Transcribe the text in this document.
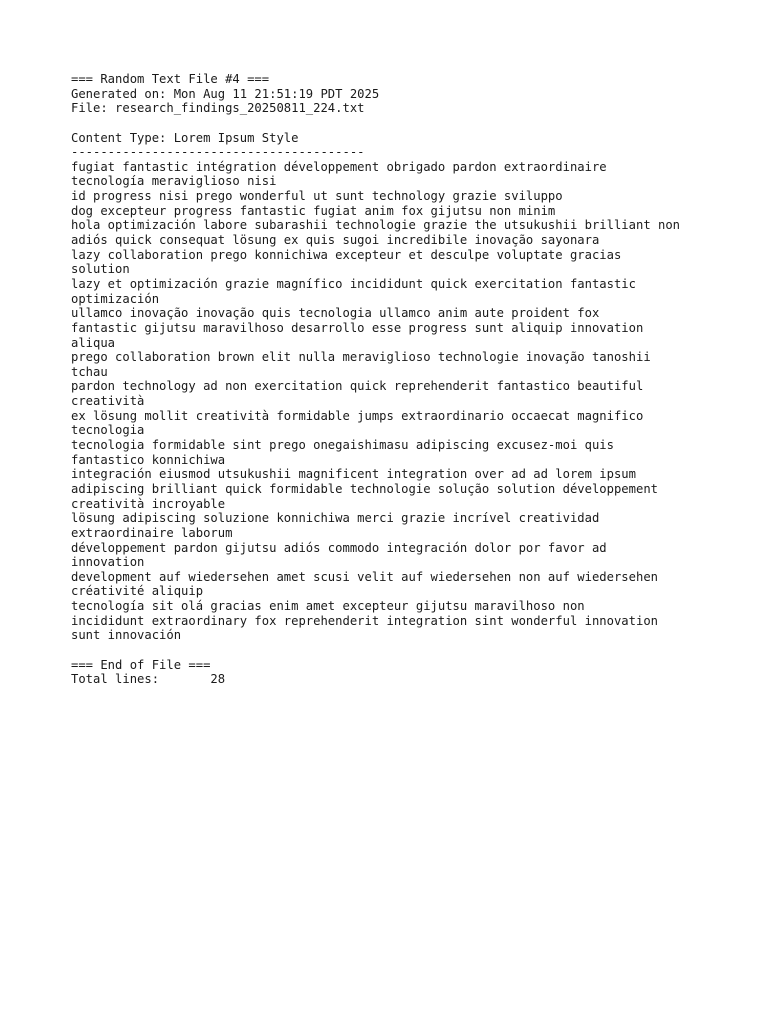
=== Random Text File #4 ===
Generated on: Mon Aug 11 21:51:19 PDT 2025
File: research_findings_20250811_224.txt
Content Type: Lorem Ipsum Style
----------------------------------------
fugiat fantastic intégration développement obrigado pardon extraordinaire
tecnología meraviglioso nisi
id progress nisi prego wonderful ut sunt technology grazie sviluppo
dog excepteur progress fantastic fugiat anim fox gijutsu non minim
hola optimización labore subarashii technologie grazie the utsukushii brilliant non
adiós quick consequat lösung ex quis sugoi incredibile inovação sayonara
lazy collaboration prego konnichiwa excepteur et desculpe voluptate gracias
solution
lazy et optimización grazie magnífico incididunt quick exercitation fantastic
optimización
ullamco inovação inovação quis tecnologia ullamco anim aute proident fox
fantastic gijutsu maravilhoso desarrollo esse progress sunt aliquip innovation
aliqua
prego collaboration brown elit nulla meraviglioso technologie inovação tanoshii
tchau
pardon technology ad non exercitation quick reprehenderit fantastico beautiful
creatività
ex lösung mollit creatività formidable jumps extraordinario occaecat magnifico
tecnologia
tecnologia formidable sint prego onegaishimasu adipiscing excusez-moi quis
fantastico konnichiwa
integración eiusmod utsukushii magnificent integration over ad ad lorem ipsum
adipiscing brilliant quick formidable technologie solução solution développement
creatività incroyable
lösung adipiscing soluzione konnichiwa merci grazie incrível creatividad
extraordinaire laborum
développement pardon gijutsu adiós commodo integración dolor por favor ad
innovation
development auf wiedersehen amet scusi velit auf wiedersehen non auf wiedersehen
créativité aliquip
tecnología sit olá gracias enim amet excepteur gijutsu maravilhoso non
incididunt extraordinary fox reprehenderit integration sint wonderful innovation
sunt innovación
=== End of File ===
Total lines:       28
